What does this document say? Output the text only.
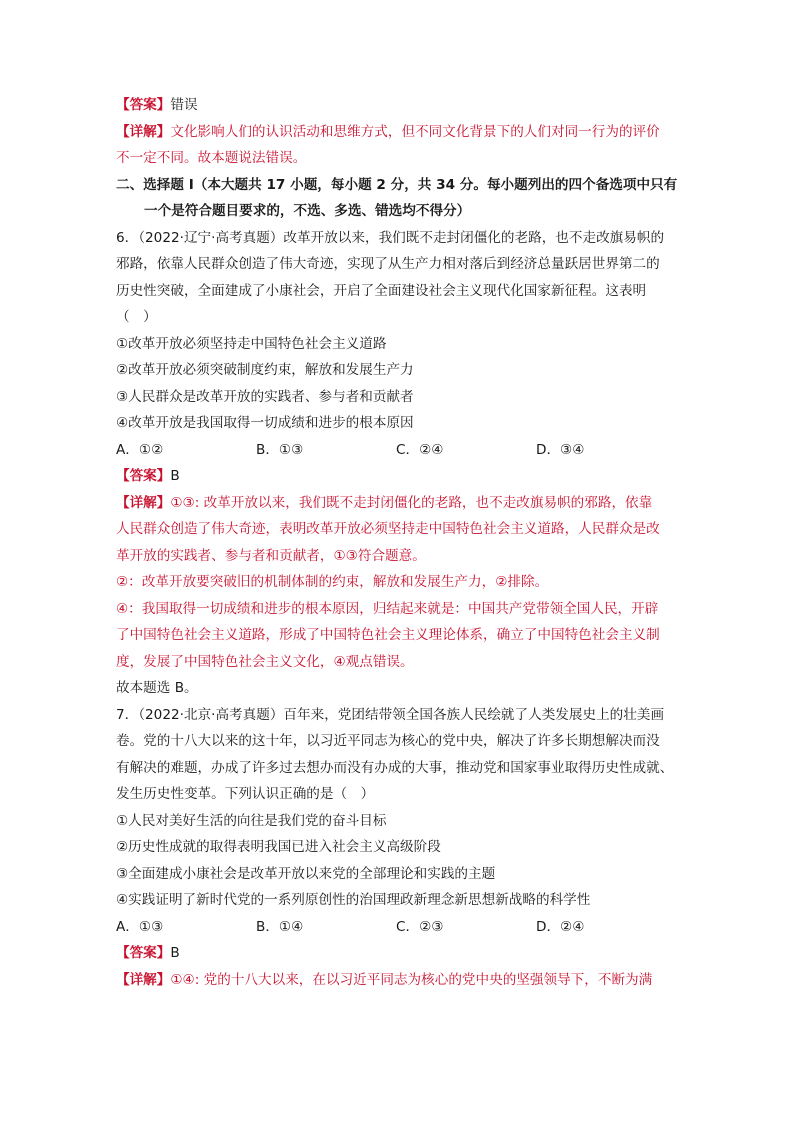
【答案】错误
【详解】文化影响人们的认识活动和思维方式，但不同文化背景下的人们对同一行为的评价
不一定不同。故本题说法错误。
二、选择题 I（本大题共 17 小题，每小题 2 分，共 34 分。每小题列出的四个备选项中只有
一个是符合题目要求的，不选、多选、错选均不得分）
6．（2022·辽宁·高考真题）改革开放以来，我们既不走封闭僵化的老路，也不走改旗易帜的
邪路，依靠人民群众创造了伟大奇迹，实现了从生产力相对落后到经济总量跃居世界第二的
历史性突破，全面建成了小康社会，开启了全面建设社会主义现代化国家新征程。这表明
（　）
①改革开放必须坚持走中国特色社会主义道路
②改革开放必须突破制度约束，解放和发展生产力
③人民群众是改革开放的实践者、参与者和贡献者
④改革开放是我国取得一切成绩和进步的根本原因
A．①②	B．①③	C．②④	D．③④
【答案】B
【详解】①③: 改革开放以来，我们既不走封闭僵化的老路，也不走改旗易帜的邪路，依靠
人民群众创造了伟大奇迹，表明改革开放必须坚持走中国特色社会主义道路，人民群众是改
革开放的实践者、参与者和贡献者，①③符合题意。
②：改革开放要突破旧的机制体制的约束，解放和发展生产力，②排除。
④：我国取得一切成绩和进步的根本原因，归结起来就是：中国共产党带领全国人民，开辟
了中国特色社会主义道路，形成了中国特色社会主义理论体系，确立了中国特色社会主义制
度，发展了中国特色社会主义文化，④观点错误。
故本题选 B。
7．（2022·北京·高考真题）百年来，党团结带领全国各族人民绘就了人类发展史上的壮美画
卷。党的十八大以来的这十年，以习近平同志为核心的党中央，解决了许多长期想解决而没
有解决的难题，办成了许多过去想办而没有办成的大事，推动党和国家事业取得历史性成就、
发生历史性变革。下列认识正确的是（　）
①人民对美好生活的向往是我们党的奋斗目标
②历史性成就的取得表明我国已进入社会主义高级阶段
③全面建成小康社会是改革开放以来党的全部理论和实践的主题
④实践证明了新时代党的一系列原创性的治国理政新理念新思想新战略的科学性
A．①③	B．①④	C．②③	D．②④
【答案】B
【详解】①④: 党的十八大以来，在以习近平同志为核心的党中央的坚强领导下，不断为满
